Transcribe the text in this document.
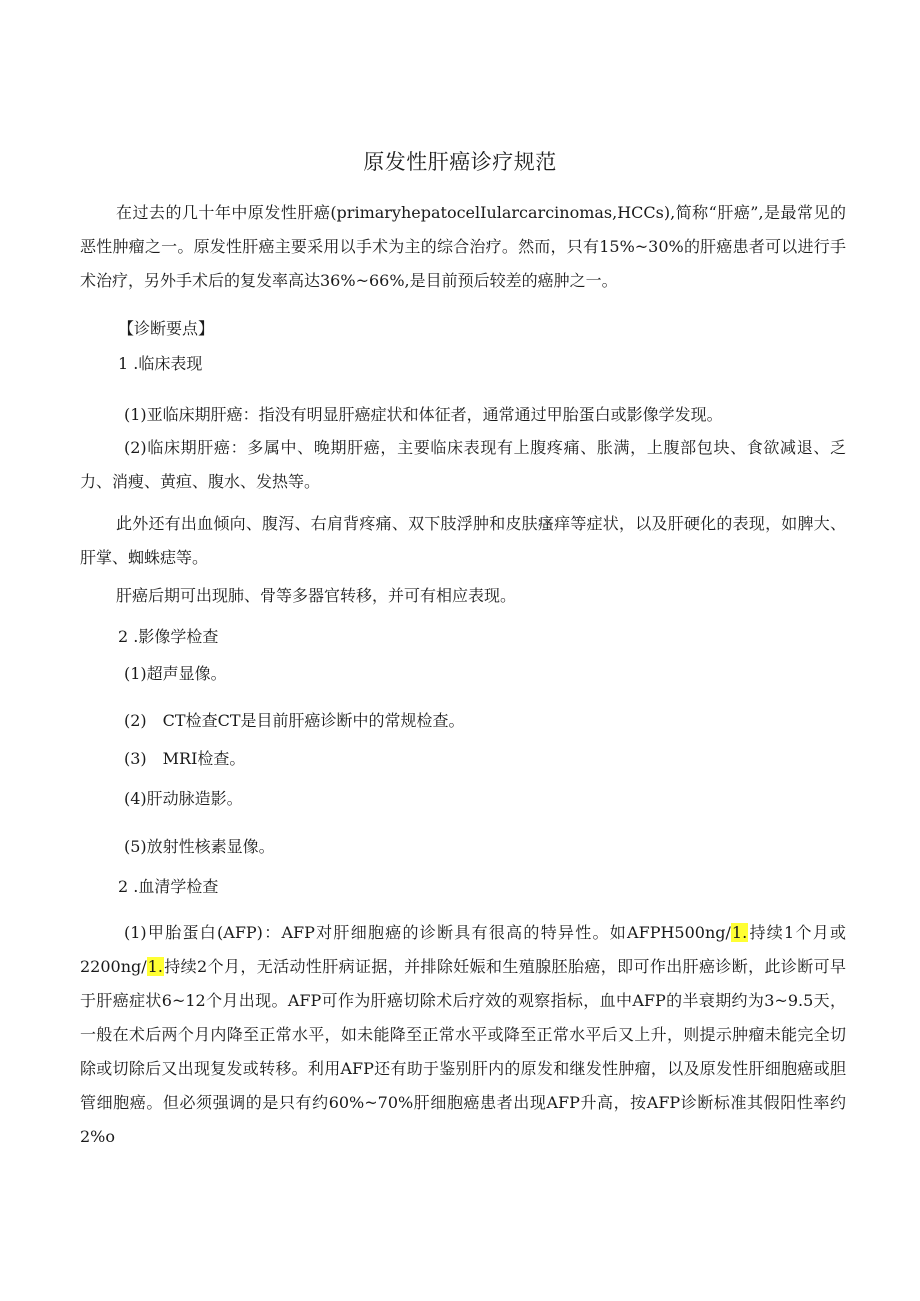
原发性肝癌诊疗规范
在过去的几十年中原发性肝癌(primaryhepatocelIularcarcinomas,HCCs),简称“肝癌”,是最常见的恶性肿瘤之一。原发性肝癌主要采用以手术为主的综合治疗。然而，只有15%~30%的肝癌患者可以进行手术治疗，另外手术后的复发率高达36%~66%,是目前预后较差的癌肿之一。
【诊断要点】
1 .临床表现
(1)亚临床期肝癌：指没有明显肝癌症状和体征者，通常通过甲胎蛋白或影像学发现。
(2)临床期肝癌：多属中、晚期肝癌，主要临床表现有上腹疼痛、胀满，上腹部包块、食欲减退、乏力、消瘦、黄疸、腹水、发热等。
此外还有出血倾向、腹泻、右肩背疼痛、双下肢浮肿和皮肤瘙痒等症状，以及肝硬化的表现，如脾大、肝掌、蜘蛛痣等。
肝癌后期可出现肺、骨等多器官转移，并可有相应表现。
2 .影像学检查
(1)超声显像。
(2)　CT检查CT是目前肝癌诊断中的常规检查。
(3)　MRI检查。
(4)肝动脉造影。
(5)放射性核素显像。
2 .血清学检查
(1)甲胎蛋白(AFP)：AFP对肝细胞癌的诊断具有很高的特异性。如AFPH500ng/1.持续1个月或2200ng/1.持续2个月，无活动性肝病证据，并排除妊娠和生殖腺胚胎癌，即可作出肝癌诊断，此诊断可早于肝癌症状6~12个月出现。AFP可作为肝癌切除术后疗效的观察指标，血中AFP的半衰期约为3~9.5天，一般在术后两个月内降至正常水平，如未能降至正常水平或降至正常水平后又上升，则提示肿瘤未能完全切除或切除后又出现复发或转移。利用AFP还有助于鉴别肝内的原发和继发性肿瘤，以及原发性肝细胞癌或胆管细胞癌。但必须强调的是只有约60%~70%肝细胞癌患者出现AFP升高，按AFP诊断标准其假阳性率约2%o
